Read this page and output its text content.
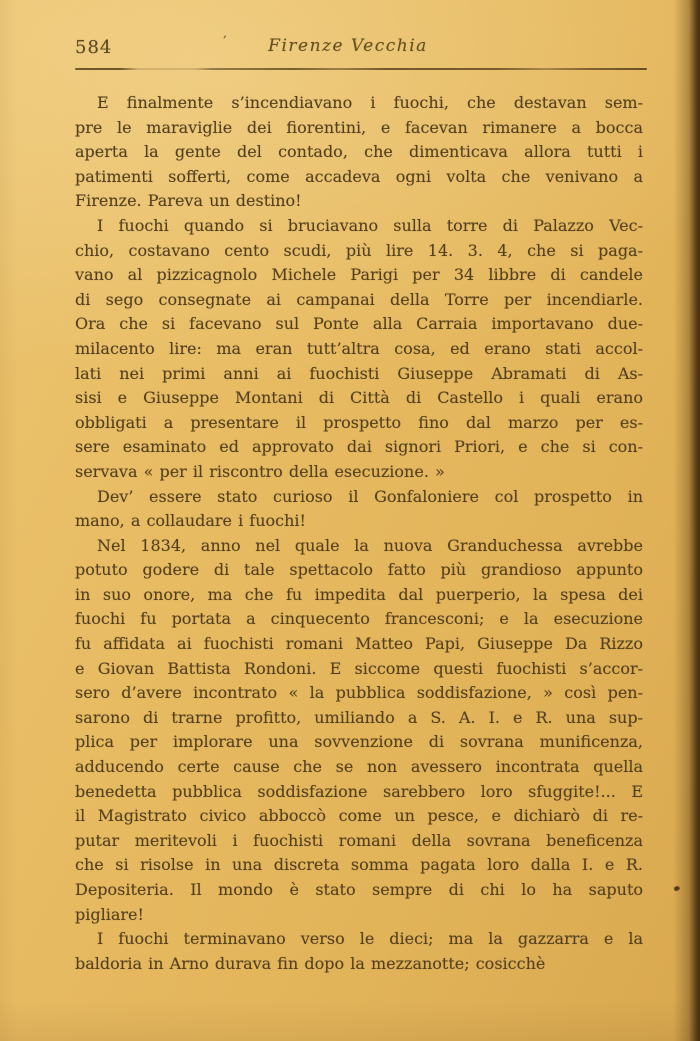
584	’	Firenze Vecchia
E finalmente s’incendiavano i fuochi, che destavan sem-
pre le maraviglie dei fiorentini, e facevan rimanere a bocca
aperta la gente del contado, che dimenticava allora tutti i
patimenti sofferti, come accadeva ogni volta che venivano a
Firenze. Pareva un destino!
I fuochi quando si bruciavano sulla torre di Palazzo Vec-
chio, costavano cento scudi, più lire 14. 3. 4, che si paga-
vano al pizzicagnolo Michele Parigi per 34 libbre di candele
di sego consegnate ai campanai della Torre per incendiarle.
Ora che si facevano sul Ponte alla Carraia importavano due-
milacento lire: ma eran tutt’altra cosa, ed erano stati accol-
lati nei primi anni ai fuochisti Giuseppe Abramati di As-
sisi e Giuseppe Montani di Città di Castello i quali erano
obbligati a presentare il prospetto fino dal marzo per es-
sere esaminato ed approvato dai signori Priori, e che si con-
servava « per il riscontro della esecuzione. »
Dev’ essere stato curioso il Gonfaloniere col prospetto in
mano, a collaudare i fuochi!
Nel 1834, anno nel quale la nuova Granduchessa avrebbe
potuto godere di tale spettacolo fatto più grandioso appunto
in suo onore, ma che fu impedita dal puerperio, la spesa dei
fuochi fu portata a cinquecento francesconi; e la esecuzione
fu affidata ai fuochisti romani Matteo Papi, Giuseppe Da Rizzo
e Giovan Battista Rondoni. E siccome questi fuochisti s’accor-
sero d’avere incontrato « la pubblica soddisfazione, » così pen-
sarono di trarne profitto, umiliando a S. A. I. e R. una sup-
plica per implorare una sovvenzione di sovrana munificenza,
adducendo certe cause che se non avessero incontrata quella
benedetta pubblica soddisfazione sarebbero loro sfuggite!... E
il Magistrato civico abboccò come un pesce, e dichiarò di re-
putar meritevoli i fuochisti romani della sovrana beneficenza
che si risolse in una discreta somma pagata loro dalla I. e R.
Depositeria. Il mondo è stato sempre di chi lo ha saputo
pigliare!
I fuochi terminavano verso le dieci; ma la gazzarra e la
baldoria in Arno durava fin dopo la mezzanotte; cosicchè
